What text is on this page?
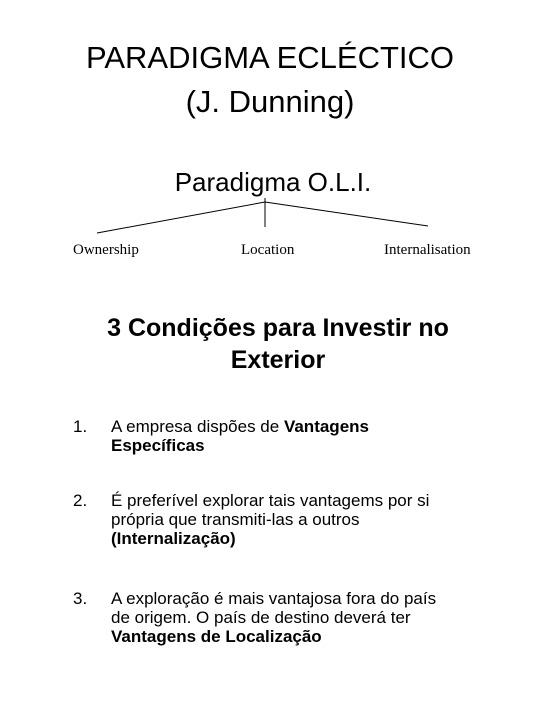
PARADIGMA ECLÉCTICO
(J. Dunning)
Paradigma O.L.I.
Ownership	Location	Internalisation
3 Condições para Investir no
Exterior
1. A empresa dispões de Vantagens
Específicas
2. É preferível explorar tais vantagems por si
própria que transmiti-las a outros
(Internalização)
3. A exploração é mais vantajosa fora do país
de origem. O país de destino deverá ter
Vantagens de Localização
